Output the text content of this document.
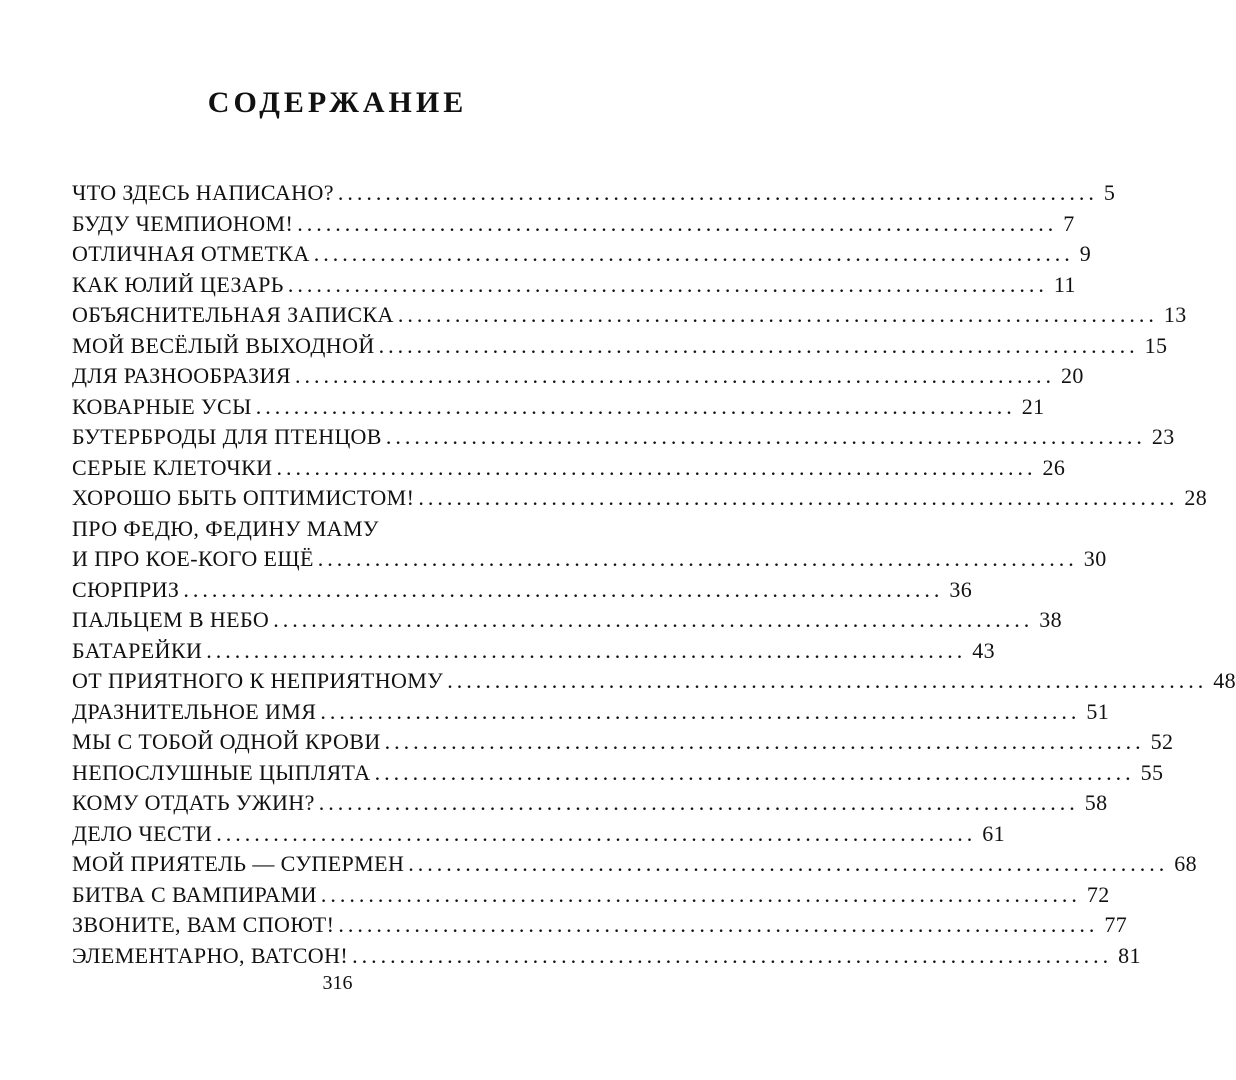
СОДЕРЖАНИЕ
ЧТО ЗДЕСЬ НАПИСАНО? ................................................................................ 5
БУДУ ЧЕМПИОНОМ! ................................................................................ 7
ОТЛИЧНАЯ ОТМЕТКА ................................................................................ 9
КАК ЮЛИЙ ЦЕЗАРЬ ................................................................................ 11
ОБЪЯСНИТЕЛЬНАЯ ЗАПИСКА ................................................................................ 13
МОЙ ВЕСЁЛЫЙ ВЫХОДНОЙ ................................................................................ 15
ДЛЯ РАЗНООБРАЗИЯ ................................................................................ 20
КОВАРНЫЕ УСЫ ................................................................................ 21
БУТЕРБРОДЫ ДЛЯ ПТЕНЦОВ ................................................................................ 23
СЕРЫЕ КЛЕТОЧКИ ................................................................................ 26
ХОРОШО БЫТЬ ОПТИМИСТОМ! ................................................................................ 28
ПРО ФЕДЮ, ФЕДИНУ МАМУ
И ПРО КОЕ-КОГО ЕЩЁ ................................................................................ 30
СЮРПРИЗ ................................................................................ 36
ПАЛЬЦЕМ В НЕБО ................................................................................ 38
БАТАРЕЙКИ ................................................................................ 43
ОТ ПРИЯТНОГО К НЕПРИЯТНОМУ ................................................................................ 48
ДРАЗНИТЕЛЬНОЕ ИМЯ ................................................................................ 51
МЫ С ТОБОЙ ОДНОЙ КРОВИ ................................................................................ 52
НЕПОСЛУШНЫЕ ЦЫПЛЯТА ................................................................................ 55
КОМУ ОТДАТЬ УЖИН? ................................................................................ 58
ДЕЛО ЧЕСТИ ................................................................................ 61
МОЙ ПРИЯТЕЛЬ — СУПЕРМЕН ................................................................................ 68
БИТВА С ВАМПИРАМИ ................................................................................ 72
ЗВОНИТЕ, ВАМ СПОЮТ! ................................................................................ 77
ЭЛЕМЕНТАРНО, ВАТСОН! ................................................................................ 81
316
